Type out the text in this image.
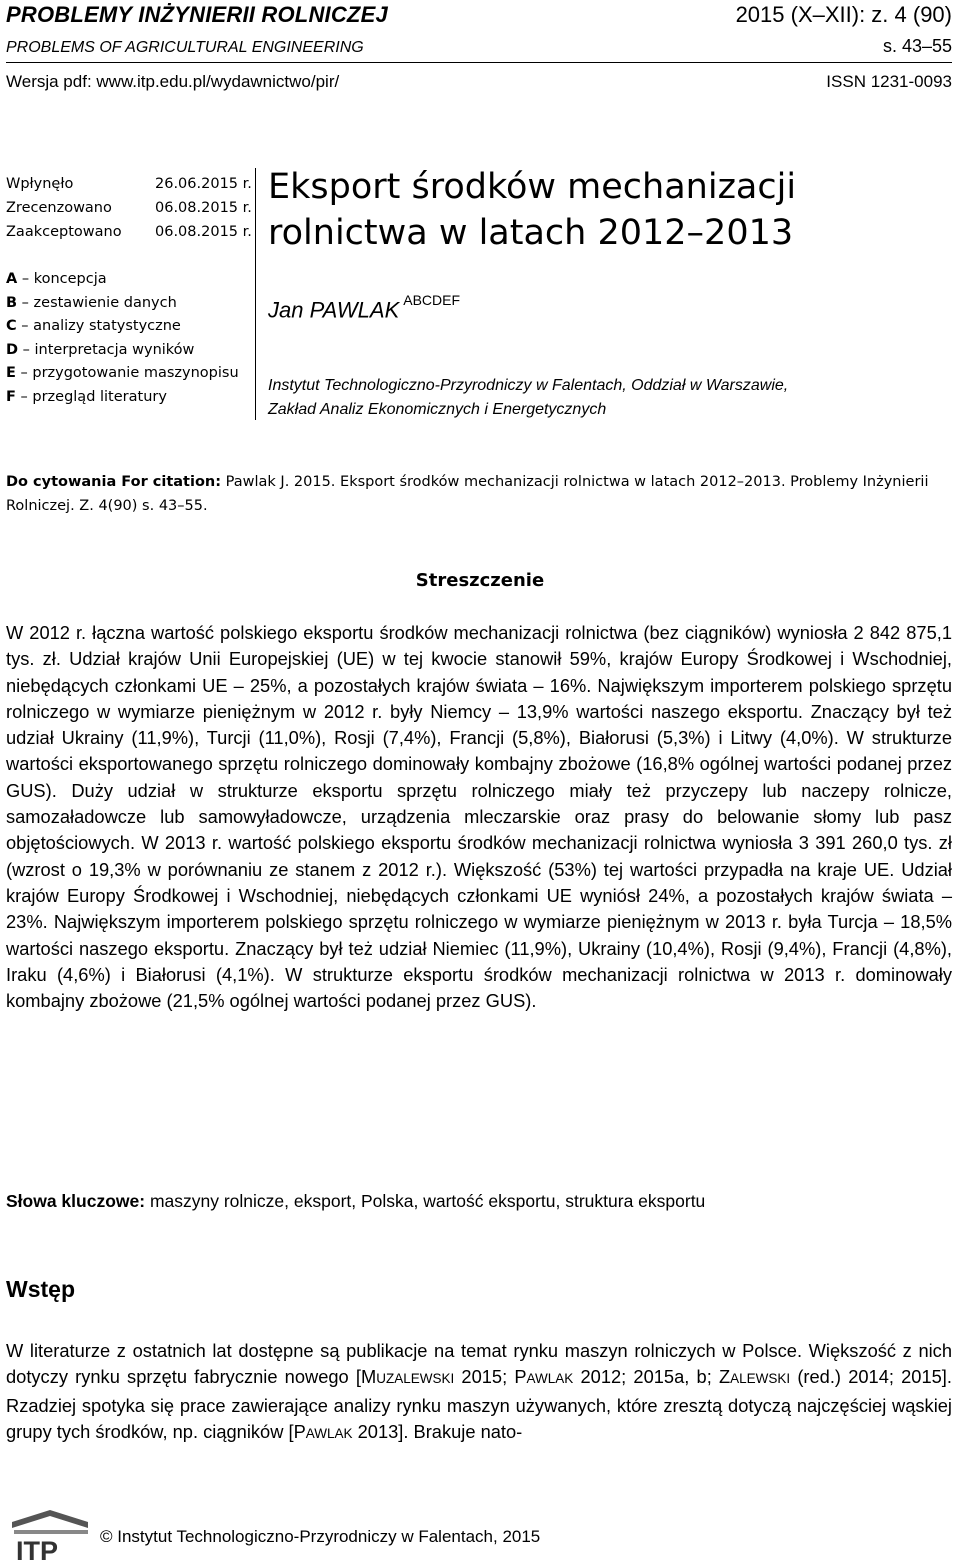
PROBLEMY INŻYNIERII ROLNICZEJ	2015 (X–XII): z. 4 (90)
PROBLEMS OF AGRICULTURAL ENGINEERING	s. 43–55
Wersja pdf: www.itp.edu.pl/wydawnictwo/pir/	ISSN 1231-0093
Wpłynęło	26.06.2015 r.
Zrecenzowano	06.08.2015 r.
Zaakceptowano	06.08.2015 r.
A – koncepcja
B – zestawienie danych
C – analizy statystyczne
D – interpretacja wyników
E – przygotowanie maszynopisu
F – przegląd literatury
Eksport środków mechanizacji
rolnictwa w latach 2012–2013
Jan PAWLAK $^{ABCDEF}$
Instytut Technologiczno-Przyrodniczy w Falentach, Oddział w Warszawie,
Zakład Analiz Ekonomicznych i Energetycznych
Do cytowania For citation: Pawlak J. 2015. Eksport środków mechanizacji rolnictwa w latach 2012–2013. Problemy Inżynierii Rolniczej. Z. 4(90) s. 43–55.
Streszczenie
W 2012 r. łączna wartość polskiego eksportu środków mechanizacji rolnictwa (bez ciągników) wyniosła 2 842 875,1 tys. zł. Udział krajów Unii Europejskiej (UE) w tej kwocie stanowił 59%, krajów Europy Środkowej i Wschodniej, niebędących członkami UE – 25%, a pozostałych krajów świata – 16%. Największym importerem polskiego sprzętu rolniczego w wymiarze pieniężnym w 2012 r. były Niemcy – 13,9% wartości naszego eksportu. Znaczący był też udział Ukrainy (11,9%), Turcji (11,0%), Rosji (7,4%), Francji (5,8%), Białorusi (5,3%) i Litwy (4,0%). W strukturze wartości eksportowanego sprzętu rolniczego dominowały kombajny zbożowe (16,8% ogólnej wartości podanej przez GUS). Duży udział w strukturze eksportu sprzętu rolniczego miały też przyczepy lub naczepy rolnicze, samozaładowcze lub samowyładowcze, urządzenia mleczarskie oraz prasy do belowanie słomy lub pasz objętościowych. W 2013 r. wartość polskiego eksportu środków mechanizacji rolnictwa wyniosła 3 391 260,0 tys. zł (wzrost o 19,3% w porównaniu ze stanem z 2012 r.). Większość (53%) tej wartości przypadła na kraje UE. Udział krajów Europy Środkowej i Wschodniej, niebędących członkami UE wyniósł 24%, a pozostałych krajów świata – 23%. Największym importerem polskiego sprzętu rolniczego w wymiarze pieniężnym w 2013 r. była Turcja – 18,5% wartości naszego eksportu. Znaczący był też udział Niemiec (11,9%), Ukrainy (10,4%), Rosji (9,4%), Francji (4,8%), Iraku (4,6%) i Białorusi (4,1%). W strukturze eksportu środków mechanizacji rolnictwa w 2013 r. dominowały kombajny zbożowe (21,5% ogólnej wartości podanej przez GUS).
Słowa kluczowe: maszyny rolnicze, eksport, Polska, wartość eksportu, struktura eksportu
Wstęp
W literaturze z ostatnich lat dostępne są publikacje na temat rynku maszyn rolniczych w Polsce. Większość z nich dotyczy rynku sprzętu fabrycznie nowego [MUZALEWSKI 2015; PAWLAK 2012; 2015a, b; ZALEWSKI (red.) 2014; 2015]. Rzadziej spotyka się prace zawierające analizy rynku maszyn używanych, które zresztą dotyczą najczęściej wąskiej grupy tych środków, np. ciągników [PAWLAK 2013]. Brakuje nato-
ITP © Instytut Technologiczno-Przyrodniczy w Falentach, 2015
